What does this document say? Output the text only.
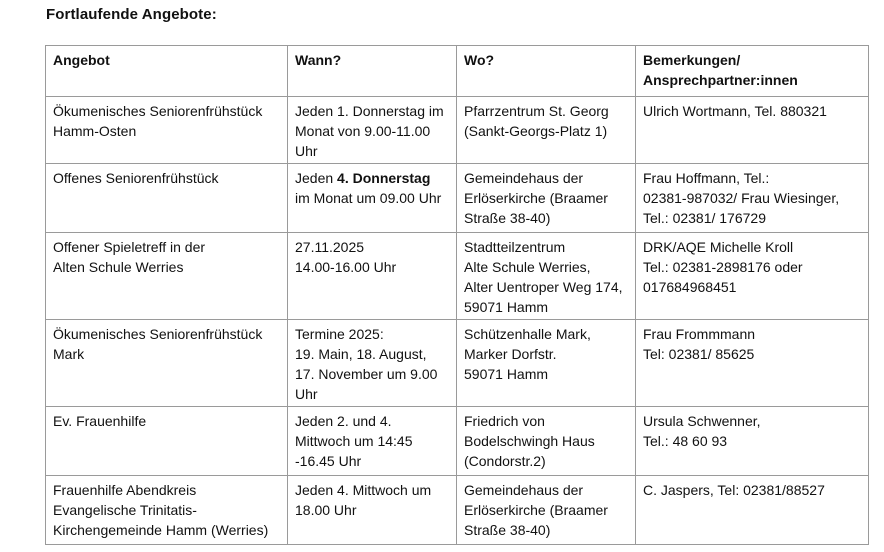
Fortlaufende Angebote:
Angebot	Wann?	Wo?	Bemerkungen/
Ansprechpartner:innen

Ökumenisches Seniorenfrühstück
Hamm-Osten	Jeden 1. Donnerstag im
Monat von 9.00-11.00
Uhr	Pfarrzentrum St. Georg
(Sankt-Georgs-Platz 1)	Ulrich Wortmann, Tel. 880321

Offenes Seniorenfrühstück	Jeden 4. Donnerstag
im Monat um 09.00 Uhr	Gemeindehaus der
Erlöserkirche (Braamer
Straße 38-40)	Frau Hoffmann, Tel.:
02381-987032/ Frau Wiesinger,
Tel.: 02381/ 176729

Offener Spieletreff in der
Alten Schule Werries	27.11.2025
14.00-16.00 Uhr	Stadtteilzentrum
Alte Schule Werries,
Alter Uentroper Weg 174,
59071 Hamm	DRK/AQE Michelle Kroll
Tel.: 02381-2898176 oder
017684968451

Ökumenisches Seniorenfrühstück
Mark	Termine 2025:
19. Main, 18. August,
17. November um 9.00
Uhr	Schützenhalle Mark,
Marker Dorfstr.
59071 Hamm	Frau Frommmann
Tel: 02381/ 85625

Ev. Frauenhilfe	Jeden 2. und 4.
Mittwoch um 14:45
-16.45 Uhr	Friedrich von
Bodelschwingh Haus
(Condorstr.2)	Ursula Schwenner,
Tel.: 48 60 93

Frauenhilfe Abendkreis
Evangelische Trinitatis-
Kirchengemeinde Hamm (Werries)	Jeden 4. Mittwoch um
18.00 Uhr	Gemeindehaus der
Erlöserkirche (Braamer
Straße 38-40)	C. Jaspers, Tel: 02381/88527
